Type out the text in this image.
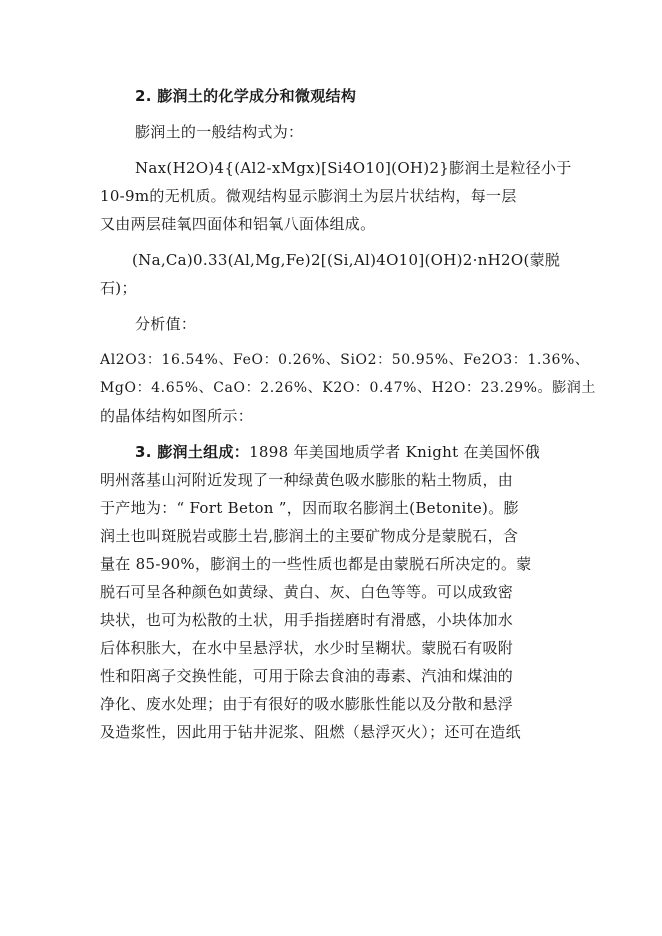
2. 膨润土的化学成分和微观结构
膨润土的一般结构式为：
Nax(H2O)4{(Al2-xMgx)[Si4O10](OH)2}膨润土是粒径小于
10-9m的无机质。微观结构显示膨润土为层片状结构，每一层
又由两层硅氧四面体和铝氧八面体组成。
(Na,Ca)0.33(Al,Mg,Fe)2[(Si,Al)4O10](OH)2·nH2O(蒙脱
石)；
分析值：
Al2O3：16.54%、FeO：0.26%、SiO2：50.95%、Fe2O3：1.36%、
MgO：4.65%、CaO：2.26%、K2O：0.47%、H2O：23.29%。膨润土
的晶体结构如图所示：
3. 膨润土组成：1898 年美国地质学者 Knight 在美国怀俄
明州落基山河附近发现了一种绿黄色吸水膨胀的粘土物质，由
于产地为：“ Fort Beton ”，因而取名膨润土(Betonite)。膨
润土也叫斑脱岩或膨土岩,膨润土的主要矿物成分是蒙脱石，含
量在 85-90%，膨润土的一些性质也都是由蒙脱石所决定的。蒙
脱石可呈各种颜色如黄绿、黄白、灰、白色等等。可以成致密
块状，也可为松散的土状，用手指搓磨时有滑感，小块体加水
后体积胀大，在水中呈悬浮状，水少时呈糊状。蒙脱石有吸附
性和阳离子交换性能，可用于除去食油的毒素、汽油和煤油的
净化、废水处理；由于有很好的吸水膨胀性能以及分散和悬浮
及造浆性，因此用于钻井泥浆、阻燃（悬浮灭火）；还可在造纸
